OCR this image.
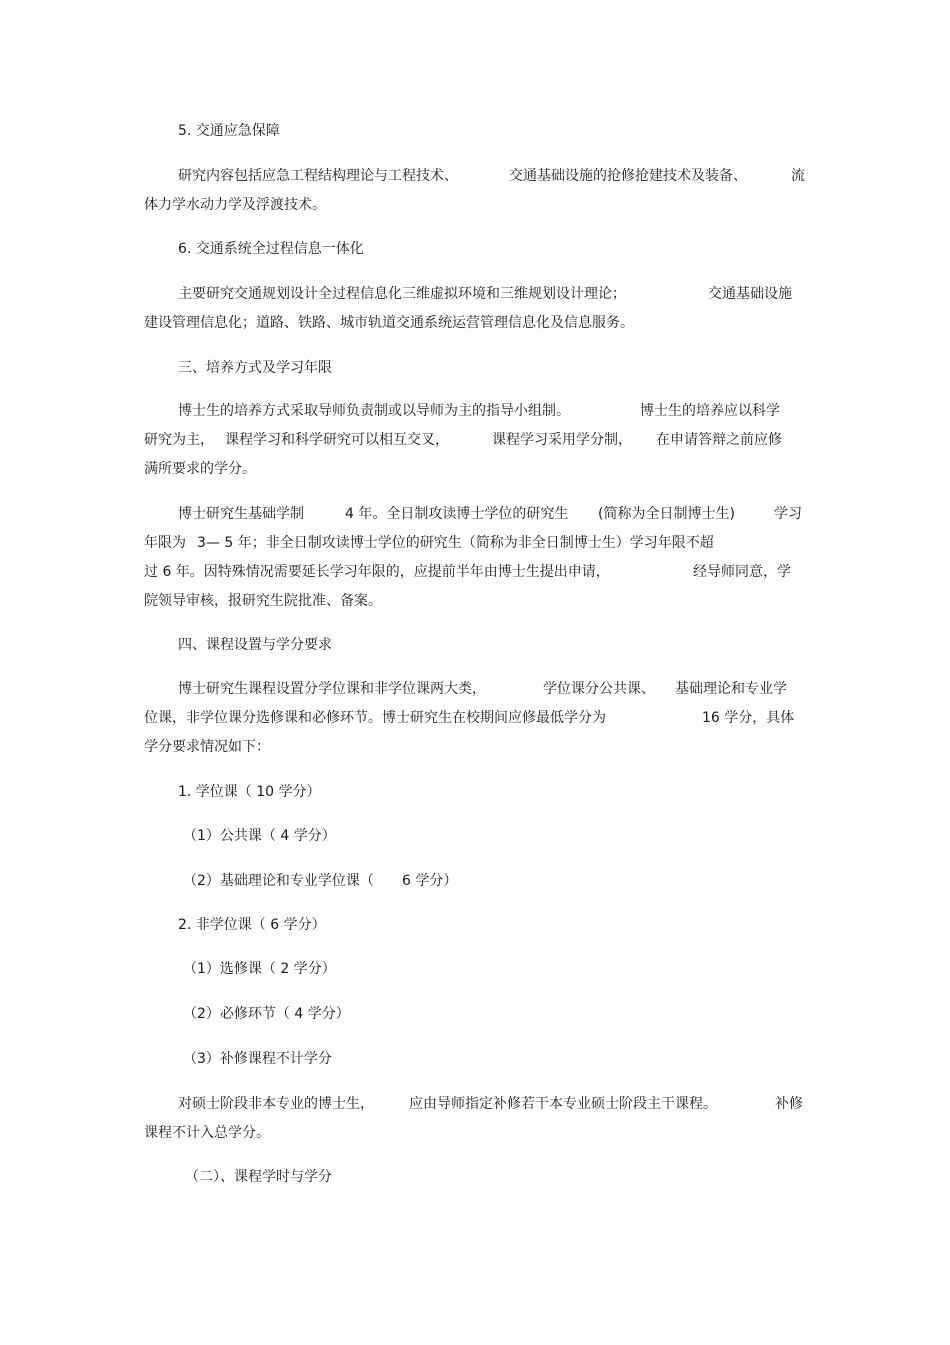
5. 交通应急保障

研究内容包括应急工程结构理论与工程技术、	交通基础设施的抢修抢建技术及装备、	流

体力学水动力学及浮渡技术。

6. 交通系统全过程信息一体化

主要研究交通规划设计全过程信息化三维虚拟环境和三维规划设计理论；	交通基础设施

建设管理信息化；道路、铁路、城市轨道交通系统运营管理信息化及信息服务。

三、培养方式及学习年限

博士生的培养方式采取导师负责制或以导师为主的指导小组制。	博士生的培养应以科学
研究为主， 课程学习和科学研究可以相互交叉，	课程学习采用学分制， 在申请答辩之前应修

满所要求的学分。

博士研究生基础学制	4 年。全日制攻读博士学位的研究生 (简称为全日制博士生)	学习
年限为 3— 5 年；非全日制攻读博士学位的研究生（简称为非全日制博士生）学习年限不超
过 6 年。因特殊情况需要延长学习年限的，应提前半年由博士生提出申请，	经导师同意，学

院领导审核，报研究生院批准、备案。

四、课程设置与学分要求

博士研究生课程设置分学位课和非学位课两大类，	学位课分公共课、 基础理论和专业学
位课，非学位课分选修课和必修环节。博士研究生在校期间应修最低学分为	16 学分，具体

学分要求情况如下：

1. 学位课（ 10 学分）

（1）公共课（ 4 学分）

（2）基础理论和专业学位课（ 6 学分）

2. 非学位课（ 6 学分）

（1）选修课（ 2 学分）

（2）必修环节（ 4 学分）

（3）补修课程不计学分

对硕士阶段非本专业的博士生，	应由导师指定补修若干本专业硕士阶段主干课程。	补修

课程不计入总学分。

（二）、课程学时与学分
